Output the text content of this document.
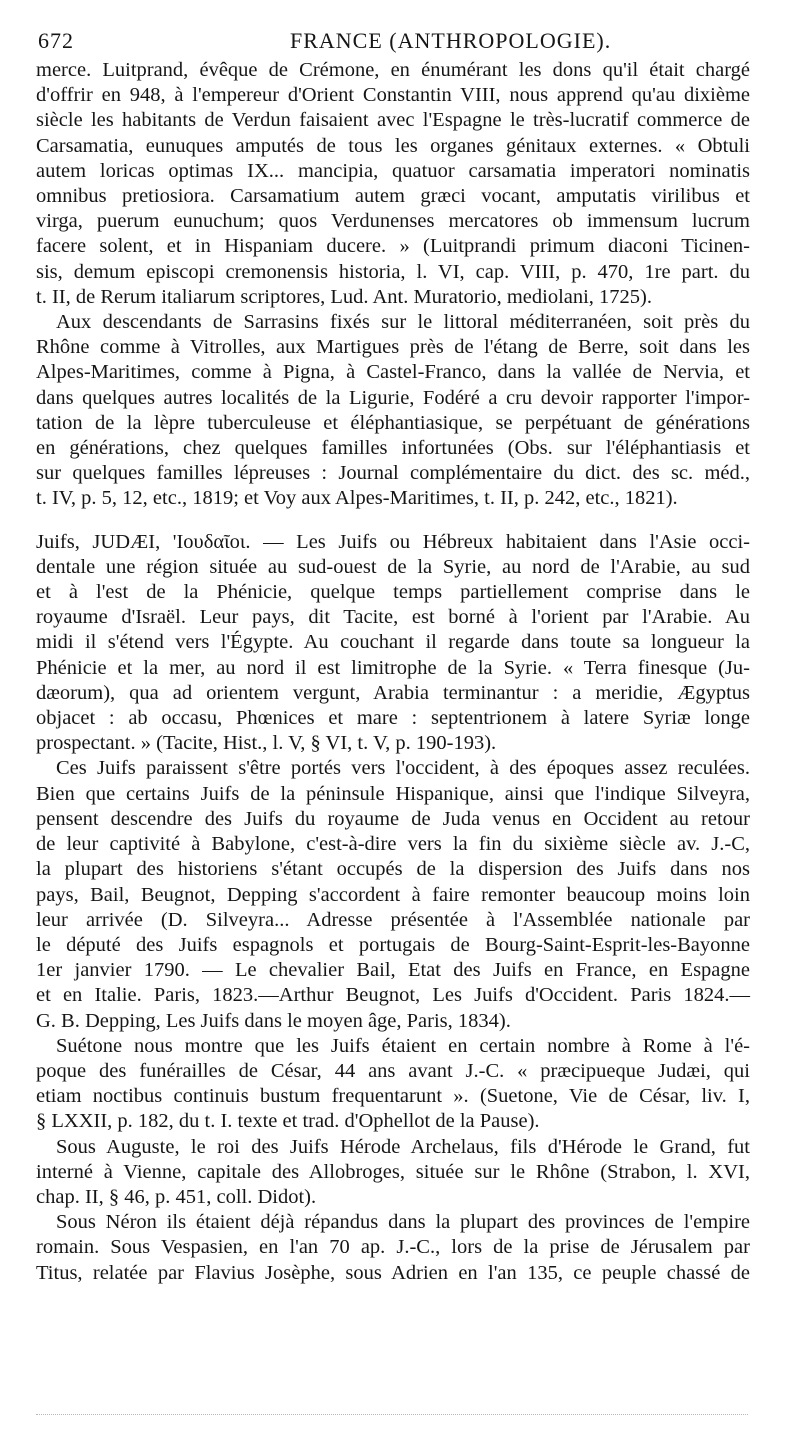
672	FRANCE (ANTHROPOLOGIE).

merce. Luitprand, évêque de Crémone, en énumérant les dons qu'il était chargé
d'offrir en 948, à l'empereur d'Orient Constantin VIII, nous apprend qu'au dixième
siècle les habitants de Verdun faisaient avec l'Espagne le très-lucratif commerce de
Carsamatia, eunuques amputés de tous les organes génitaux externes. « Obtuli
autem loricas optimas IX... mancipia, quatuor carsamatia imperatori nominatis
omnibus pretiosiora. Carsamatium autem græci vocant, amputatis virilibus et
virga, puerum eunuchum; quos Verdunenses mercatores ob immensum lucrum
facere solent, et in Hispaniam ducere. » (Luitprandi primum diaconi Ticinen-
sis, demum episcopi cremonensis historia, l. VI, cap. VIII, p. 470, 1re part. du
t. II, de Rerum italiarum scriptores, Lud. Ant. Muratorio, mediolani, 1725).

Aux descendants de Sarrasins fixés sur le littoral méditerranéen, soit près du
Rhône comme à Vitrolles, aux Martigues près de l'étang de Berre, soit dans les
Alpes-Maritimes, comme à Pigna, à Castel-Franco, dans la vallée de Nervia, et
dans quelques autres localités de la Ligurie, Fodéré a cru devoir rapporter l'impor-
tation de la lèpre tuberculeuse et éléphantiasique, se perpétuant de générations
en générations, chez quelques familles infortunées (Obs. sur l'éléphantiasis et
sur quelques familles lépreuses : Journal complémentaire du dict. des sc. méd.,
t. IV, p. 5, 12, etc., 1819; et Voy aux Alpes-Maritimes, t. II, p. 242, etc., 1821).

Juifs, JUDÆI, 'Ιουδαῖοι. — Les Juifs ou Hébreux habitaient dans l'Asie occi-
dentale une région située au sud-ouest de la Syrie, au nord de l'Arabie, au sud
et à l'est de la Phénicie, quelque temps partiellement comprise dans le
royaume d'Israël. Leur pays, dit Tacite, est borné à l'orient par l'Arabie. Au
midi il s'étend vers l'Égypte. Au couchant il regarde dans toute sa longueur la
Phénicie et la mer, au nord il est limitrophe de la Syrie. « Terra finesque (Ju-
dæorum), qua ad orientem vergunt, Arabia terminantur : a meridie, Ægyptus
objacet : ab occasu, Phœnices et mare : septentrionem à latere Syriæ longe
prospectant. » (Tacite, Hist., l. V, § VI, t. V, p. 190-193).

Ces Juifs paraissent s'être portés vers l'occident, à des époques assez reculées.
Bien que certains Juifs de la péninsule Hispanique, ainsi que l'indique Silveyra,
pensent descendre des Juifs du royaume de Juda venus en Occident au retour
de leur captivité à Babylone, c'est-à-dire vers la fin du sixième siècle av. J.-C,
la plupart des historiens s'étant occupés de la dispersion des Juifs dans nos
pays, Bail, Beugnot, Depping s'accordent à faire remonter beaucoup moins loin
leur arrivée (D. Silveyra... Adresse présentée à l'Assemblée nationale par
le député des Juifs espagnols et portugais de Bourg-Saint-Esprit-les-Bayonne
1er janvier 1790. — Le chevalier Bail, Etat des Juifs en France, en Espagne
et en Italie. Paris, 1823.—Arthur Beugnot, Les Juifs d'Occident. Paris 1824.—
G. B. Depping, Les Juifs dans le moyen âge, Paris, 1834).

Suétone nous montre que les Juifs étaient en certain nombre à Rome à l'é-
poque des funérailles de César, 44 ans avant J.-C. « præcipueque Judæi, qui
etiam noctibus continuis bustum frequentarunt ». (Suetone, Vie de César, liv. I,
§ LXXII, p. 182, du t. I. texte et trad. d'Ophellot de la Pause).

Sous Auguste, le roi des Juifs Hérode Archelaus, fils d'Hérode le Grand, fut
interné à Vienne, capitale des Allobroges, située sur le Rhône (Strabon, l. XVI,
chap. II, § 46, p. 451, coll. Didot).

Sous Néron ils étaient déjà répandus dans la plupart des provinces de l'empire
romain. Sous Vespasien, en l'an 70 ap. J.-C., lors de la prise de Jérusalem par
Titus, relatée par Flavius Josèphe, sous Adrien en l'an 135, ce peuple chassé de
